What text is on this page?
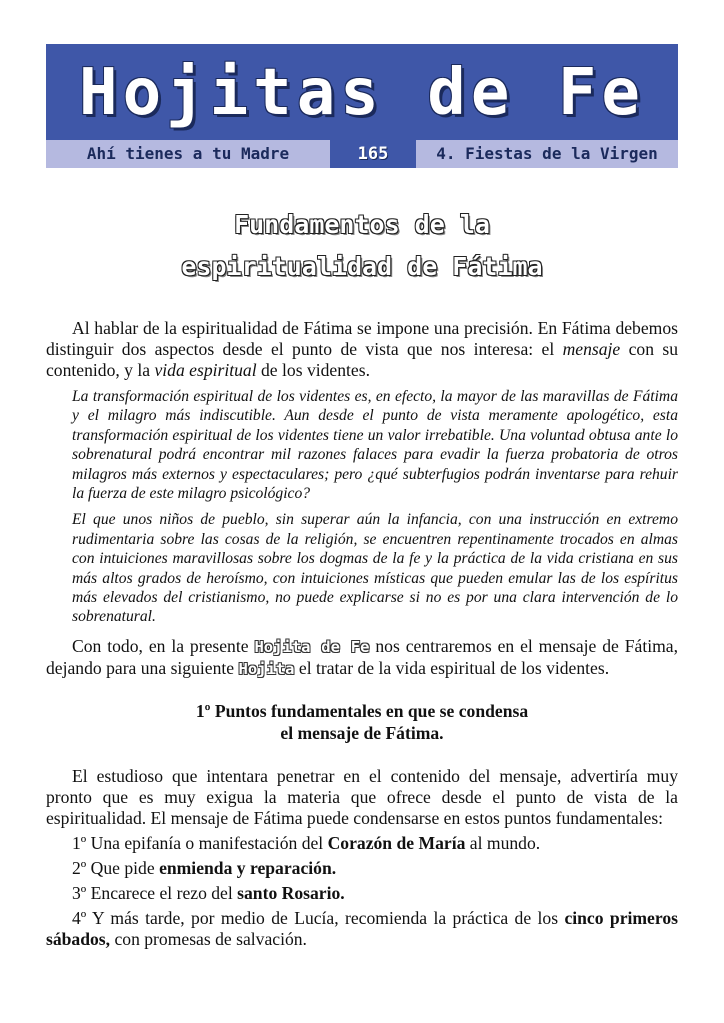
Hojitas de Fe
Ahí tienes a tu Madre	165	4. Fiestas de la Virgen
Fundamentos de la
espiritualidad de Fátima

Al hablar de la espiritualidad de Fátima se impone una precisión. En Fátima debemos distinguir dos aspectos desde el punto de vista que nos interesa: el mensaje con su contenido, y la vida espiritual de los videntes.

La transformación espiritual de los videntes es, en efecto, la mayor de las maravillas de Fátima y el milagro más indiscutible. Aun desde el punto de vista meramente apologético, esta transformación espiritual de los videntes tiene un valor irrebatible. Una voluntad obtusa ante lo sobrenatural podrá encontrar mil razones falaces para evadir la fuerza probatoria de otros milagros más externos y espectaculares; pero ¿qué subterfugios podrán inventarse para rehuir la fuerza de este milagro psicológico?

El que unos niños de pueblo, sin superar aún la infancia, con una instrucción en extremo rudimentaria sobre las cosas de la religión, se encuentren repentinamente trocados en almas con intuiciones maravillosas sobre los dogmas de la fe y la práctica de la vida cristiana en sus más altos grados de heroísmo, con intuiciones místicas que pueden emular las de los espíritus más elevados del cristianismo, no puede explicarse si no es por una clara intervención de lo sobrenatural.

Con todo, en la presente Hojita de Fe nos centraremos en el mensaje de Fátima, dejando para una siguiente Hojita el tratar de la vida espiritual de los videntes.

1º Puntos fundamentales en que se condensa
el mensaje de Fátima.

El estudioso que intentara penetrar en el contenido del mensaje, advertiría muy pronto que es muy exigua la materia que ofrece desde el punto de vista de la espiritualidad. El mensaje de Fátima puede condensarse en estos puntos fundamentales:

1º Una epifanía o manifestación del Corazón de María al mundo.

2º Que pide enmienda y reparación.

3º Encarece el rezo del santo Rosario.

4º Y más tarde, por medio de Lucía, recomienda la práctica de los cinco primeros sábados, con promesas de salvación.
